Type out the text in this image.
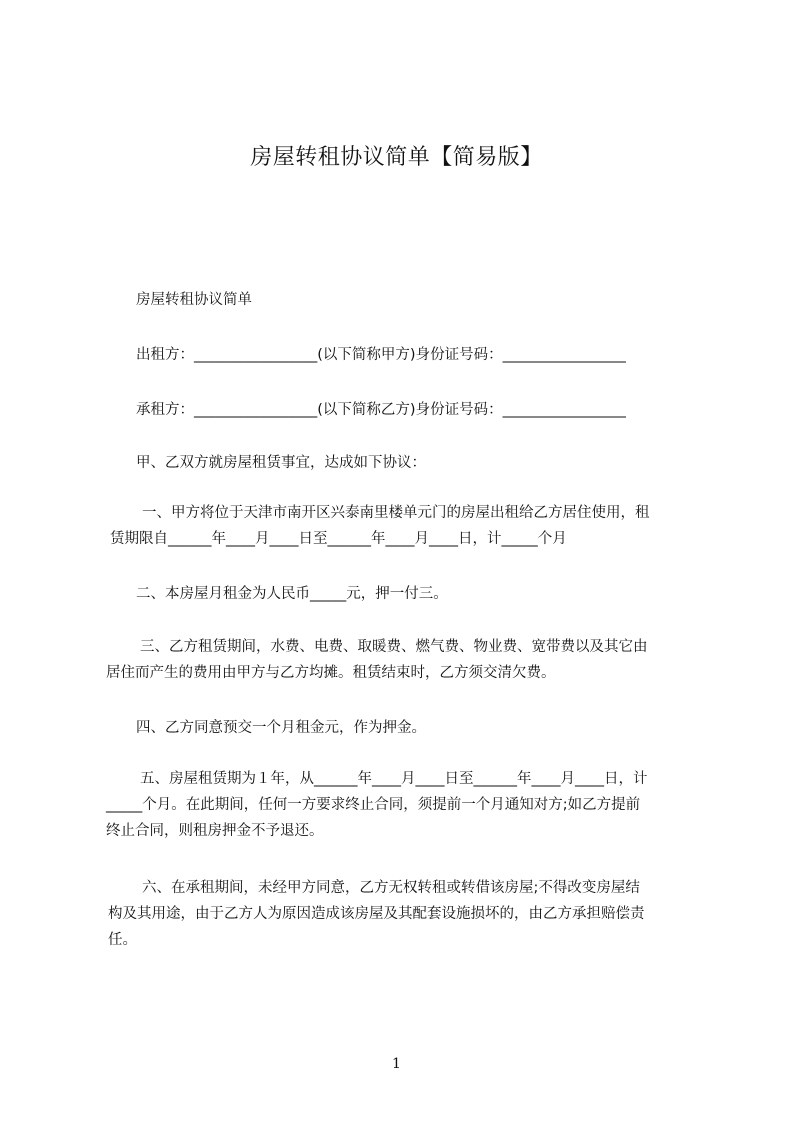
房屋转租协议简单【简易版】
房屋转租协议简单
出租方：_________________(以下简称甲方)身份证号码：_________________
承租方：_________________(以下简称乙方)身份证号码：_________________
甲、乙双方就房屋租赁事宜，达成如下协议：
一、甲方将位于天津市南开区兴泰南里楼单元门的房屋出租给乙方居住使用，租
赁期限自______年____月____日至______年____月____日，计_____个月
二、本房屋月租金为人民币_____元，押一付三。
三、乙方租赁期间，水费、电费、取暖费、燃气费、物业费、宽带费以及其它由
居住而产生的费用由甲方与乙方均摊。租赁结束时，乙方须交清欠费。
四、乙方同意预交一个月租金元，作为押金。
五、房屋租赁期为１年，从______年____月____日至______年____月____日，计
_____个月。在此期间，任何一方要求终止合同，须提前一个月通知对方;如乙方提前
终止合同，则租房押金不予退还。
六、在承租期间，未经甲方同意，乙方无权转租或转借该房屋;不得改变房屋结
构及其用途，由于乙方人为原因造成该房屋及其配套设施损坏的，由乙方承担赔偿责
任。
1
